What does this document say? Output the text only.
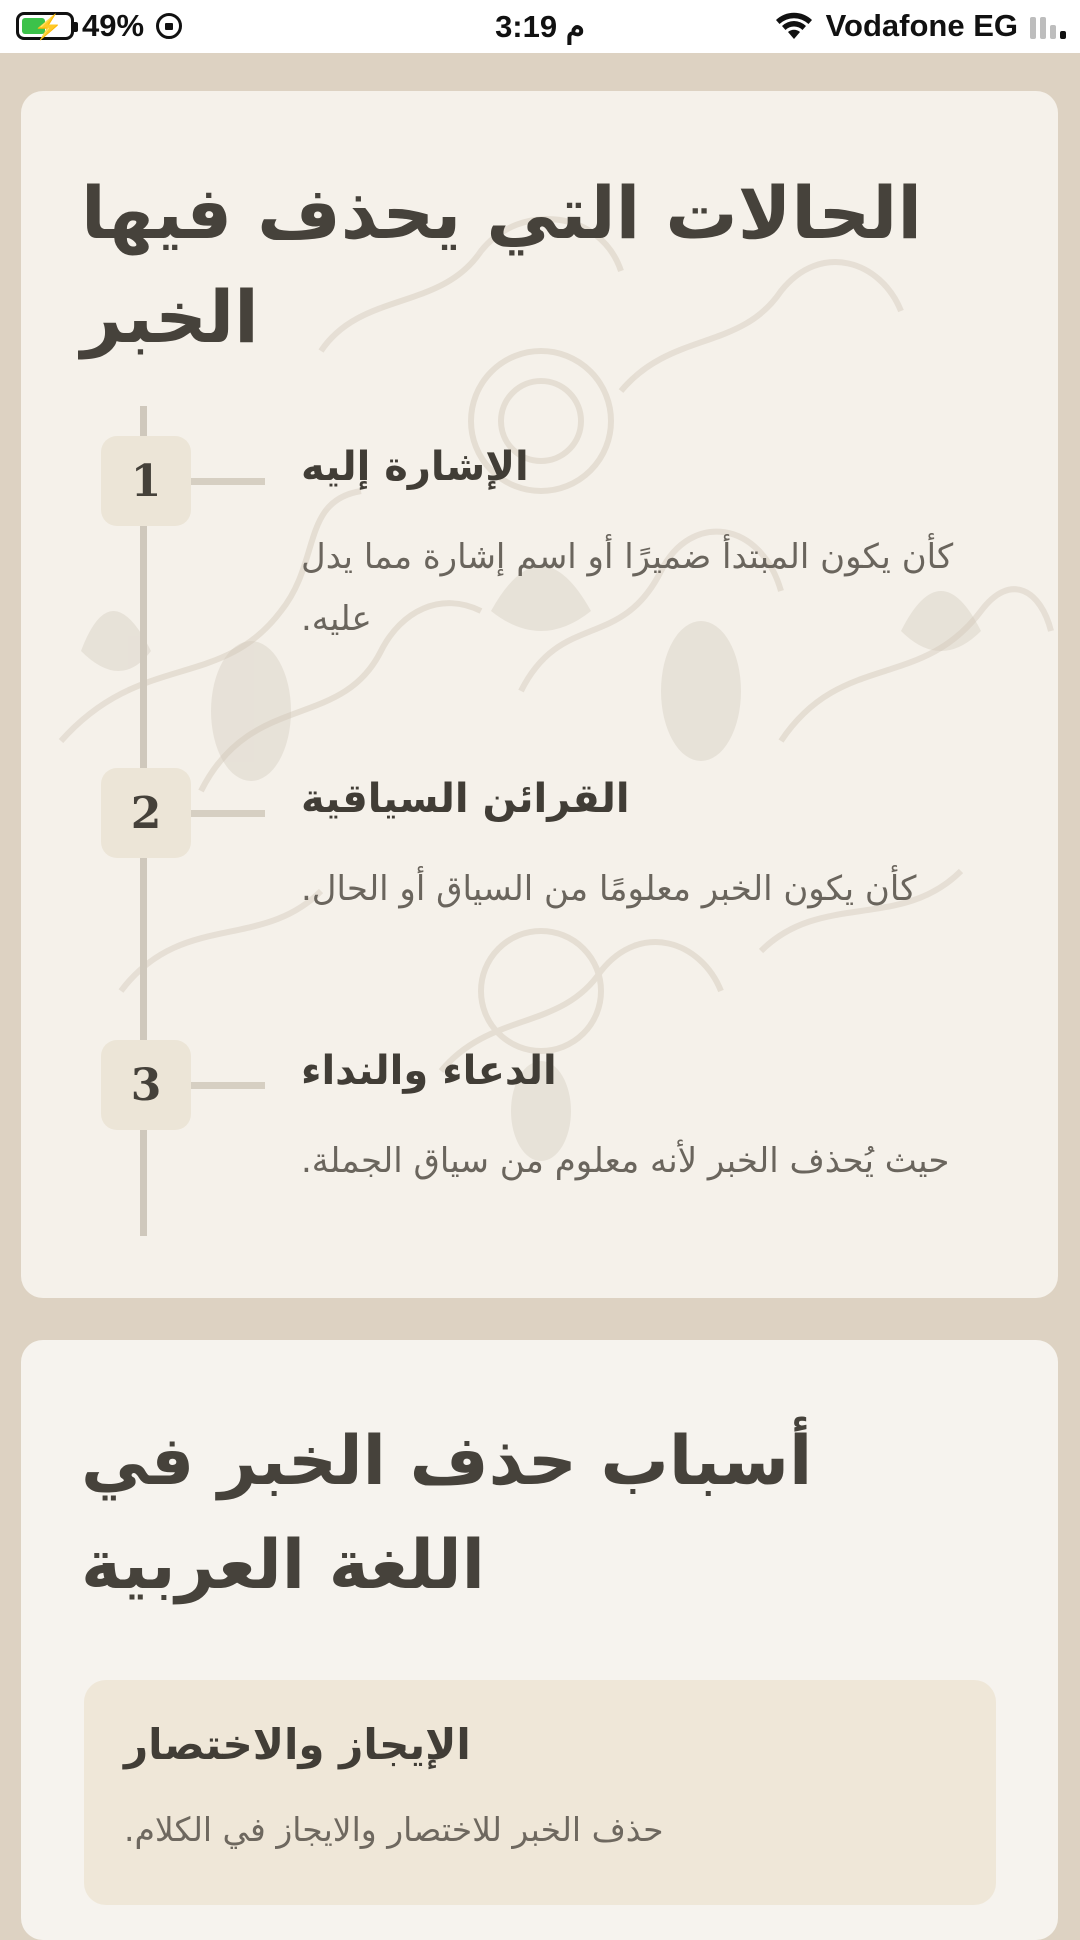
⚡ 49%	3:19 م	Vodafone EG
الحالات التي يحذف فيها الخبر
1	الإشارة إليه
كأن يكون المبتدأ ضميرًا أو اسم إشارة مما يدل عليه.
2	القرائن السياقية
كأن يكون الخبر معلومًا من السياق أو الحال.
3	الدعاء والنداء
حيث يُحذف الخبر لأنه معلوم من سياق الجملة.
أسباب حذف الخبر في اللغة العربية
الإيجاز والاختصار
حذف الخبر للاختصار والايجاز في الكلام.
